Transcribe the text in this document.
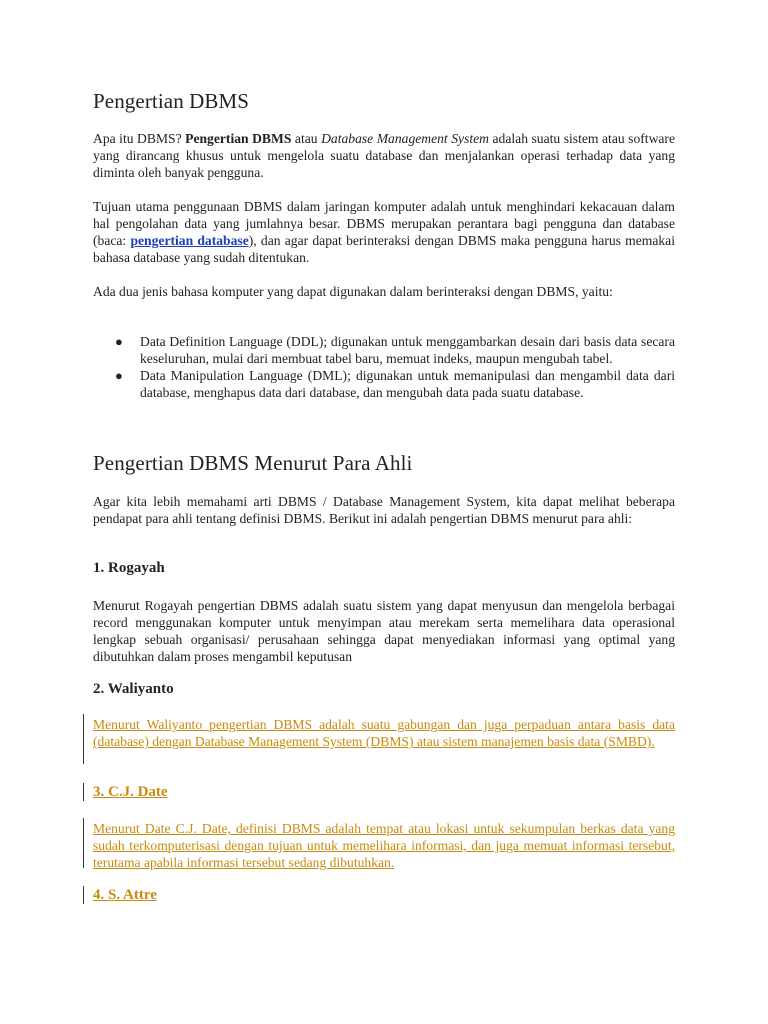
Pengertian DBMS

Apa itu DBMS? Pengertian DBMS atau Database Management System adalah suatu sistem atau software yang dirancang khusus untuk mengelola suatu database dan menjalankan operasi terhadap data yang diminta oleh banyak pengguna.

Tujuan utama penggunaan DBMS dalam jaringan komputer adalah untuk menghindari kekacauan dalam hal pengolahan data yang jumlahnya besar. DBMS merupakan perantara bagi pengguna dan database (baca: pengertian database), dan agar dapat berinteraksi dengan DBMS maka pengguna harus memakai bahasa database yang sudah ditentukan.

Ada dua jenis bahasa komputer yang dapat digunakan dalam berinteraksi dengan DBMS, yaitu:

● Data Definition Language (DDL); digunakan untuk menggambarkan desain dari basis data secara keseluruhan, mulai dari membuat tabel baru, memuat indeks, maupun mengubah tabel.
● Data Manipulation Language (DML); digunakan untuk memanipulasi dan mengambil data dari database, menghapus data dari database, dan mengubah data pada suatu database.
Pengertian DBMS Menurut Para Ahli

Agar kita lebih memahami arti DBMS / Database Management System, kita dapat melihat beberapa pendapat para ahli tentang definisi DBMS. Berikut ini adalah pengertian DBMS menurut para ahli:

1. Rogayah

Menurut Rogayah pengertian DBMS adalah suatu sistem yang dapat menyusun dan mengelola berbagai record menggunakan komputer untuk menyimpan atau merekam serta memelihara data operasional lengkap sebuah organisasi/ perusahaan sehingga dapat menyediakan informasi yang optimal yang dibutuhkan dalam proses mengambil keputusan

2. Waliyanto

Menurut Waliyanto pengertian DBMS adalah suatu gabungan dan juga perpaduan antara basis data (database) dengan Database Management System (DBMS) atau sistem manajemen basis data (SMBD).

3. C.J. Date

Menurut Date C.J. Date, definisi DBMS adalah tempat atau lokasi untuk sekumpulan berkas data yang sudah terkomputerisasi dengan tujuan untuk memelihara informasi, dan juga memuat informasi tersebut, terutama apabila informasi tersebut sedang dibutuhkan.

4. S. Attre
